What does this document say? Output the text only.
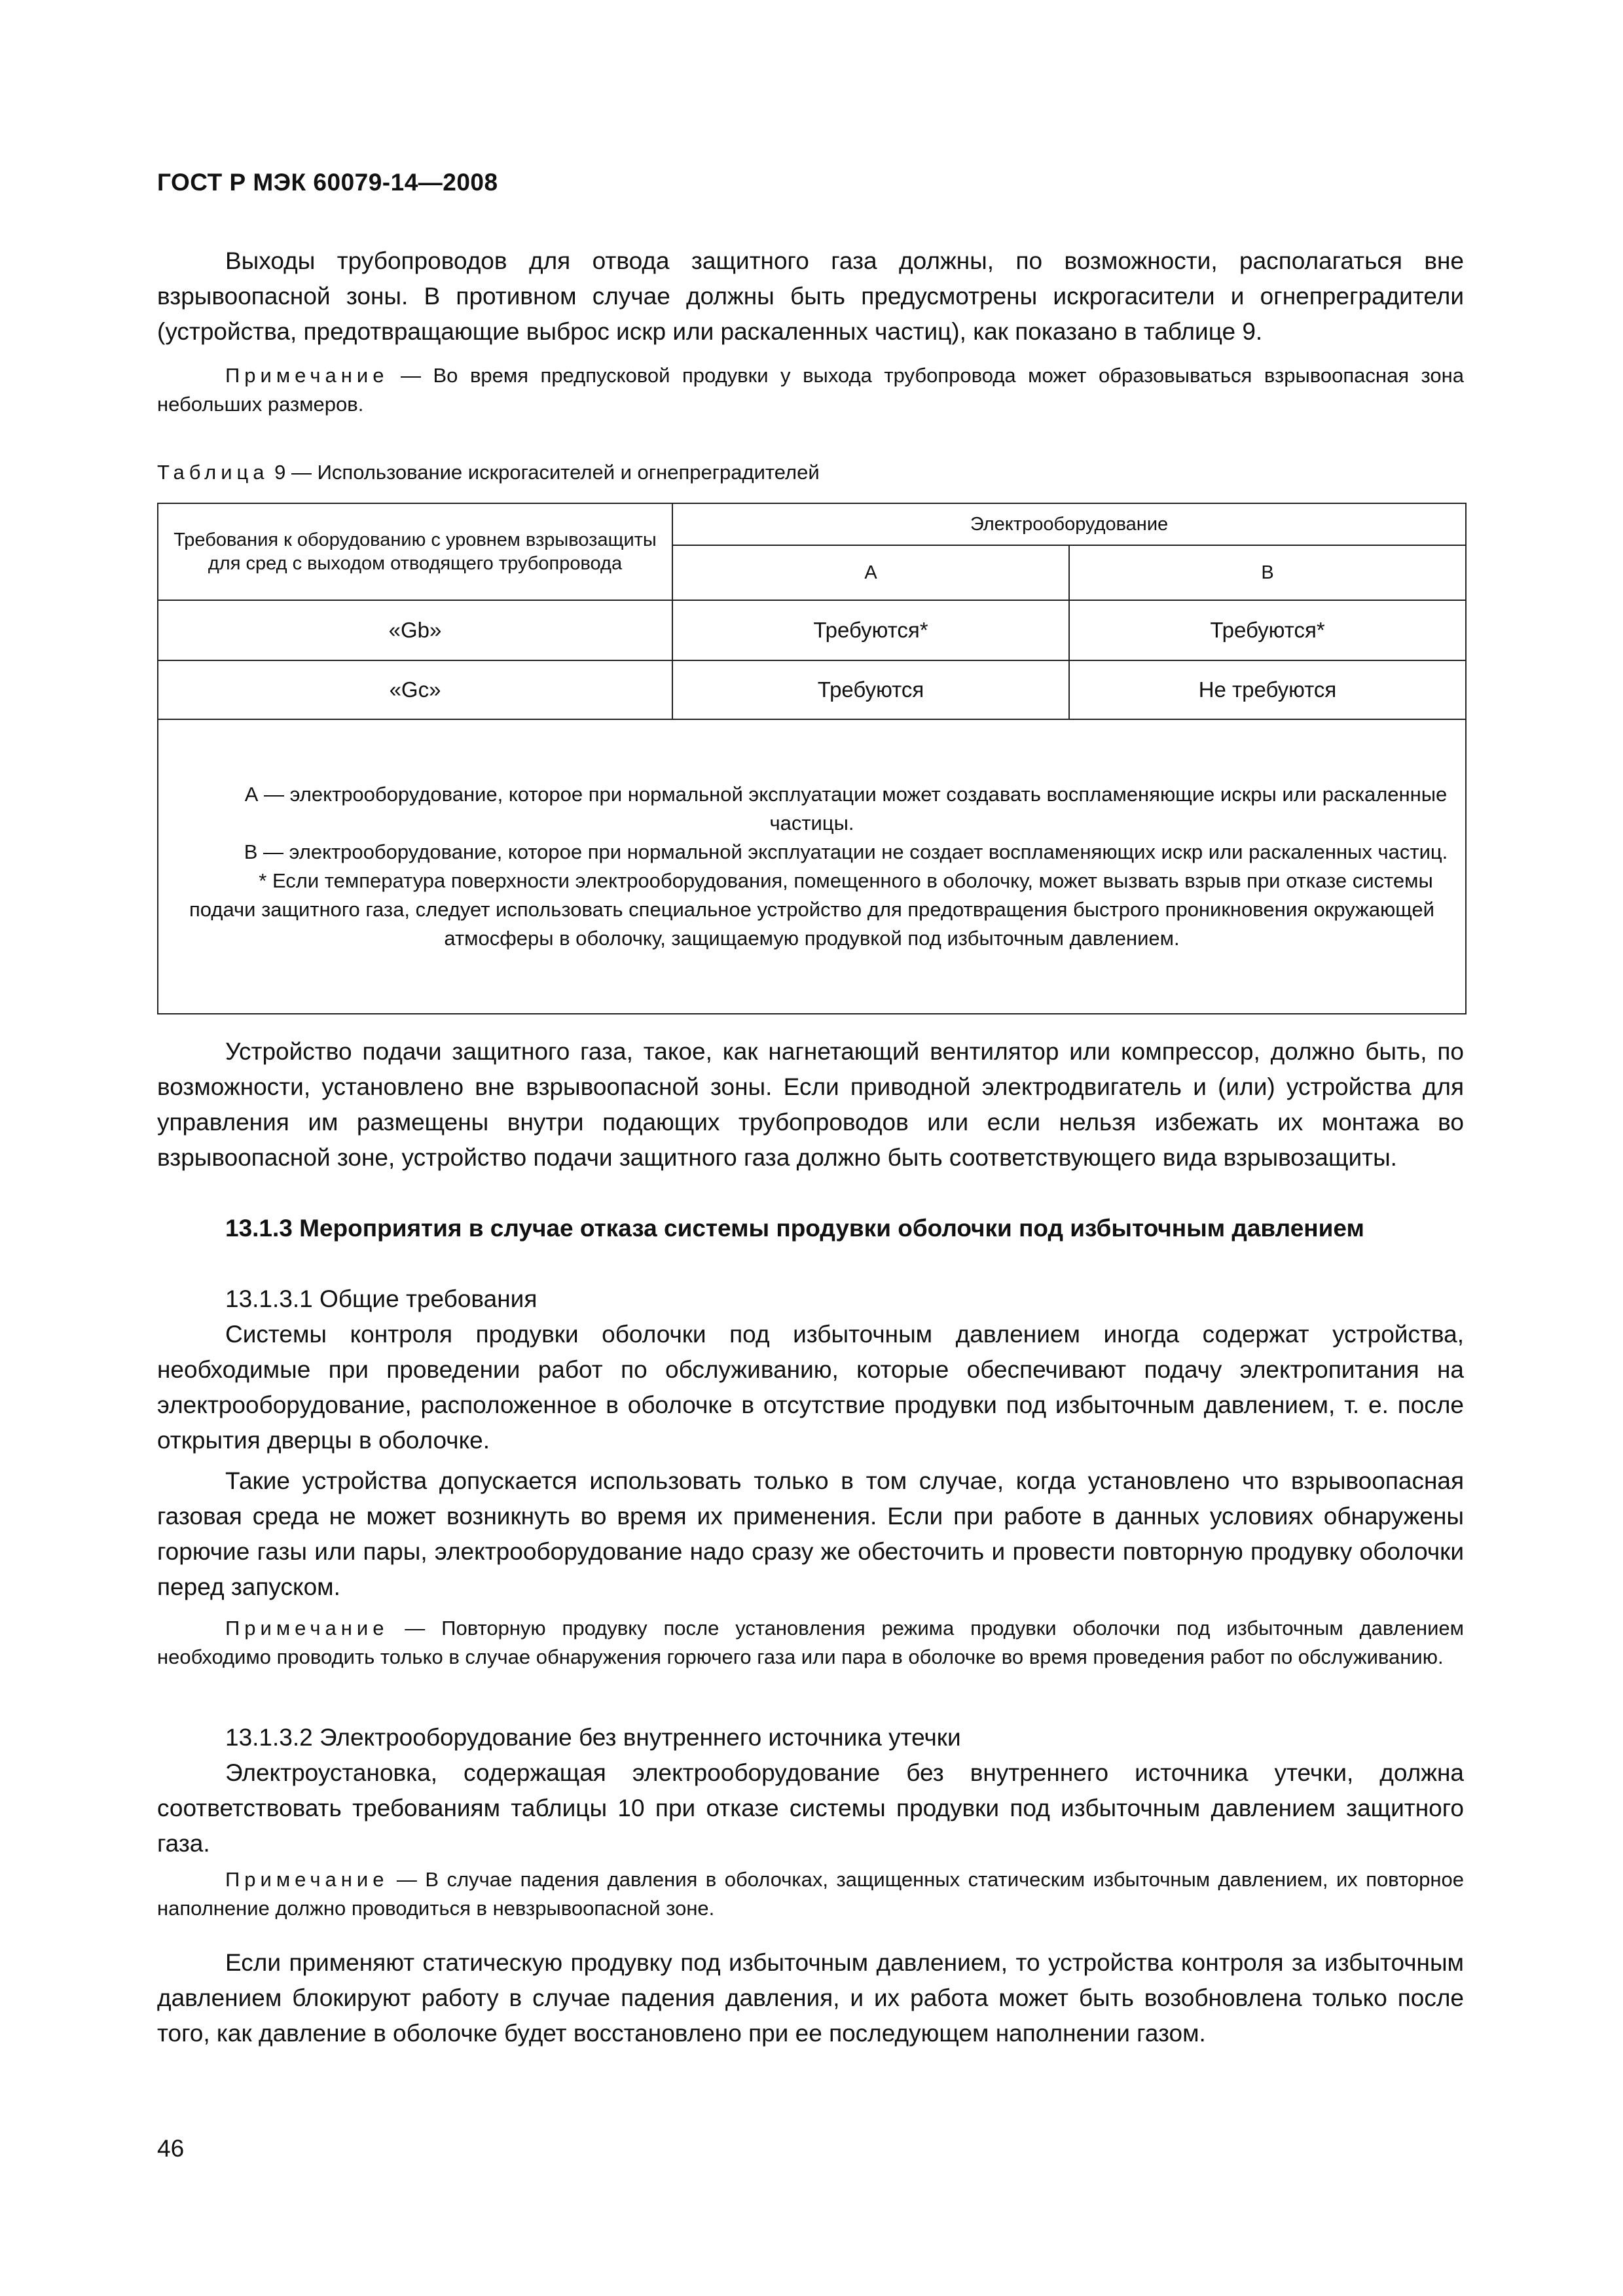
ГОСТ Р МЭК 60079-14—2008

Выходы трубопроводов для отвода защитного газа должны, по возможности, располагаться вне взрывоопасной зоны. В противном случае должны быть предусмотрены искрогасители и огнепреградители (устройства, предотвращающие выброс искр или раскаленных частиц), как показано в таблице 9.

Примечание — Во время предпусковой продувки у выхода трубопровода может образовываться взрывоопасная зона небольших размеров.

Таблица 9 — Использование искрогасителей и огнепреградителей
Требования к оборудованию с уровнем взрывозащиты для сред с выходом отводящего трубопровода	Электрооборудование	
	А	В
«Gb»	Требуются*	Требуются*
«Gc»	Требуются	Не требуются

А — электрооборудование, которое при нормальной эксплуатации может создавать воспламеняющие искры или раскаленные частицы.

В — электрооборудование, которое при нормальной эксплуатации не создает воспламеняющих искр или раскаленных частиц.

* Если температура поверхности электрооборудования, помещенного в оболочку, может вызвать взрыв при отказе системы подачи защитного газа, следует использовать специальное устройство для предотвращения быстрого проникновения окружающей атмосферы в оболочку, защищаемую продувкой под избыточным давлением.		

Устройство подачи защитного газа, такое, как нагнетающий вентилятор или компрессор, должно быть, по возможности, установлено вне взрывоопасной зоны. Если приводной электродвигатель и (или) устройства для управления им размещены внутри подающих трубопроводов или если нельзя избежать их монтажа во взрывоопасной зоне, устройство подачи защитного газа должно быть соответствующего вида взрывозащиты.

13.1.3 Мероприятия в случае отказа системы продувки оболочки под избыточным давлением

13.1.3.1 Общие требования

Системы контроля продувки оболочки под избыточным давлением иногда содержат устройства, необходимые при проведении работ по обслуживанию, которые обеспечивают подачу электропитания на электрооборудование, расположенное в оболочке в отсутствие продувки под избыточным давлением, т. е. после открытия дверцы в оболочке.

Такие устройства допускается использовать только в том случае, когда установлено что взрывоопасная газовая среда не может возникнуть во время их применения. Если при работе в данных условиях обнаружены горючие газы или пары, электрооборудование надо сразу же обесточить и провести повторную продувку оболочки перед запуском.

Примечание — Повторную продувку после установления режима продувки оболочки под избыточным давлением необходимо проводить только в случае обнаружения горючего газа или пара в оболочке во время проведения работ по обслуживанию.

13.1.3.2 Электрооборудование без внутреннего источника утечки

Электроустановка, содержащая электрооборудование без внутреннего источника утечки, должна соответствовать требованиям таблицы 10 при отказе системы продувки под избыточным давлением защитного газа.

Примечание — В случае падения давления в оболочках, защищенных статическим избыточным давлением, их повторное наполнение должно проводиться в невзрывоопасной зоне.

Если применяют статическую продувку под избыточным давлением, то устройства контроля за избыточным давлением блокируют работу в случае падения давления, и их работа может быть возобновлена только после того, как давление в оболочке будет восстановлено при ее последующем наполнении газом.

46
